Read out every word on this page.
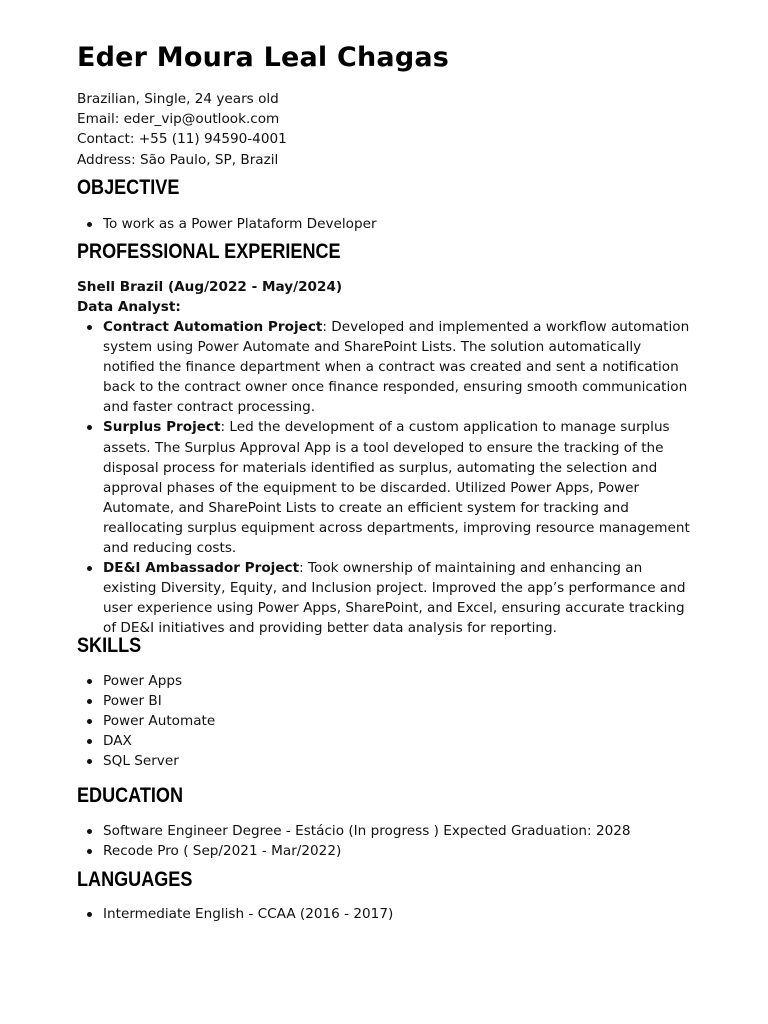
Eder Moura Leal Chagas
Brazilian, Single, 24 years old
Email: eder_vip@outlook.com
Contact: +55 (11) 94590-4001
Address: São Paulo, SP, Brazil
OBJECTIVE
To work as a Power Plataform Developer
PROFESSIONAL EXPERIENCE
Shell Brazil (Aug/2022 - May/2024)
Data Analyst:
Contract Automation Project: Developed and implemented a workflow automation system using Power Automate and SharePoint Lists. The solution automatically notified the finance department when a contract was created and sent a notification back to the contract owner once finance responded, ensuring smooth communication and faster contract processing.
Surplus Project: Led the development of a custom application to manage surplus assets. The Surplus Approval App is a tool developed to ensure the tracking of the disposal process for materials identified as surplus, automating the selection and approval phases of the equipment to be discarded. Utilized Power Apps, Power Automate, and SharePoint Lists to create an efficient system for tracking and reallocating surplus equipment across departments, improving resource management and reducing costs.
DE&I Ambassador Project: Took ownership of maintaining and enhancing an existing Diversity, Equity, and Inclusion project. Improved the app’s performance and user experience using Power Apps, SharePoint, and Excel, ensuring accurate tracking of DE&I initiatives and providing better data analysis for reporting.
SKILLS
Power Apps
Power BI
Power Automate
DAX
SQL Server
EDUCATION
Software Engineer Degree - Estácio (In progress ) Expected Graduation: 2028
Recode Pro ( Sep/2021 - Mar/2022)
LANGUAGES
Intermediate English - CCAA (2016 - 2017)
